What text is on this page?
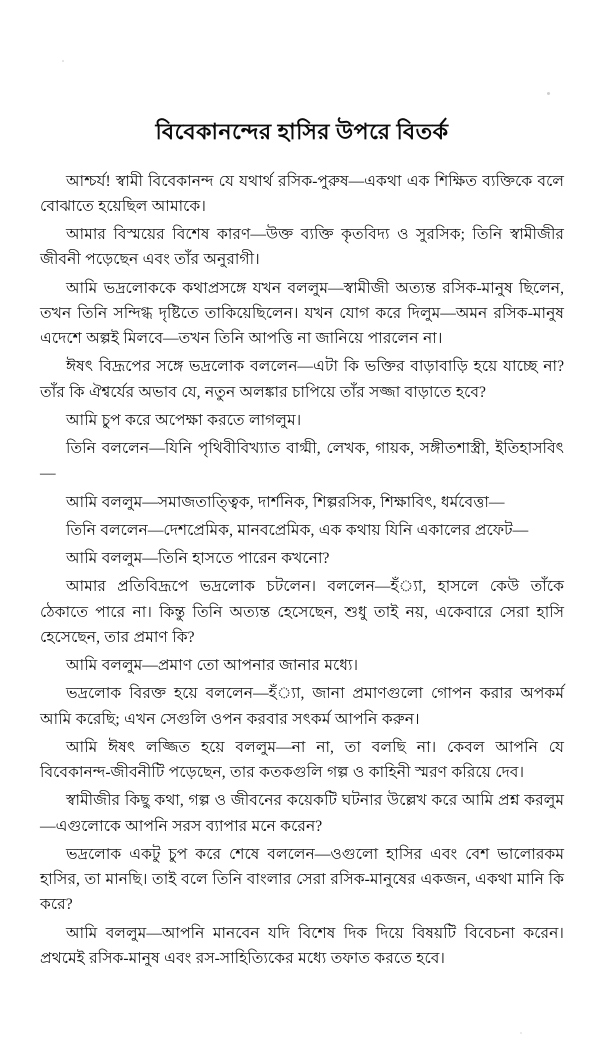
বিবেকানন্দের হাসির উপরে বিতর্ক

আশ্চর্য! স্বামী বিবেকানন্দ যে যথার্থ রসিক-পুরুষ—একথা এক শিক্ষিত ব্যক্তিকে বলে বোঝাতে হয়েছিল আমাকে।

আমার বিস্ময়ের বিশেষ কারণ—উক্ত ব্যক্তি কৃতবিদ্য ও সুরসিক; তিনি স্বামীজীর জীবনী পড়েছেন এবং তাঁর অনুরাগী।

আমি ভদ্রলোককে কথাপ্রসঙ্গে যখন বললুম—স্বামীজী অত্যন্ত রসিক-মানুষ ছিলেন, তখন তিনি সন্দিগ্ধ দৃষ্টিতে তাকিয়েছিলেন। যখন যোগ করে দিলুম—অমন রসিক-মানুষ এদেশে অল্পই মিলবে—তখন তিনি আপত্তি না জানিয়ে পারলেন না।

ঈষৎ বিদ্রূপের সঙ্গে ভদ্রলোক বললেন—এটা কি ভক্তির বাড়াবাড়ি হয়ে যাচ্ছে না? তাঁর কি ঐশ্বর্যের অভাব যে, নতুন অলঙ্কার চাপিয়ে তাঁর সজ্জা বাড়াতে হবে?

আমি চুপ করে অপেক্ষা করতে লাগলুম।

তিনি বললেন—যিনি পৃথিবীবিখ্যাত বাগ্মী, লেখক, গায়ক, সঙ্গীতশাস্ত্রী, ইতিহাসবিৎ—

আমি বললুম—সমাজতাত্ত্বিক, দার্শনিক, শিল্পরসিক, শিক্ষাবিৎ, ধর্মবেত্তা—

তিনি বললেন—দেশপ্রেমিক, মানবপ্রেমিক, এক কথায় যিনি একালের প্রফেট—

আমি বললুম—তিনি হাসতে পারেন কখনো?

আমার প্রতিবিদ্রূপে ভদ্রলোক চটলেন। বললেন—হঁ্যা, হাসলে কেউ তাঁকে ঠেকাতে পারে না। কিন্তু তিনি অত্যন্ত হেসেছেন, শুধু তাই নয়, একেবারে সেরা হাসি হেসেছেন, তার প্রমাণ কি?

আমি বললুম—প্রমাণ তো আপনার জানার মধ্যে।

ভদ্রলোক বিরক্ত হয়ে বললেন—হঁ্যা, জানা প্রমাণগুলো গোপন করার অপকর্ম আমি করেছি; এখন সেগুলি ওপন করবার সৎকর্ম আপনি করুন।

আমি ঈষৎ লজ্জিত হয়ে বললুম—না না, তা বলছি না। কেবল আপনি যে বিবেকানন্দ-জীবনীটি পড়েছেন, তার কতকগুলি গল্প ও কাহিনী স্মরণ করিয়ে দেব।

স্বামীজীর কিছু কথা, গল্প ও জীবনের কয়েকটি ঘটনার উল্লেখ করে আমি প্রশ্ন করলুম—এগুলোকে আপনি সরস ব্যাপার মনে করেন?

ভদ্রলোক একটু চুপ করে শেষে বললেন—ওগুলো হাসির এবং বেশ ভালোরকম হাসির, তা মানছি। তাই বলে তিনি বাংলার সেরা রসিক-মানুষের একজন, একথা মানি কি করে?

আমি বললুম—আপনি মানবেন যদি বিশেষ দিক দিয়ে বিষয়টি বিবেচনা করেন। প্রথমেই রসিক-মানুষ এবং রস-সাহিত্যিকের মধ্যে তফাত করতে হবে।
